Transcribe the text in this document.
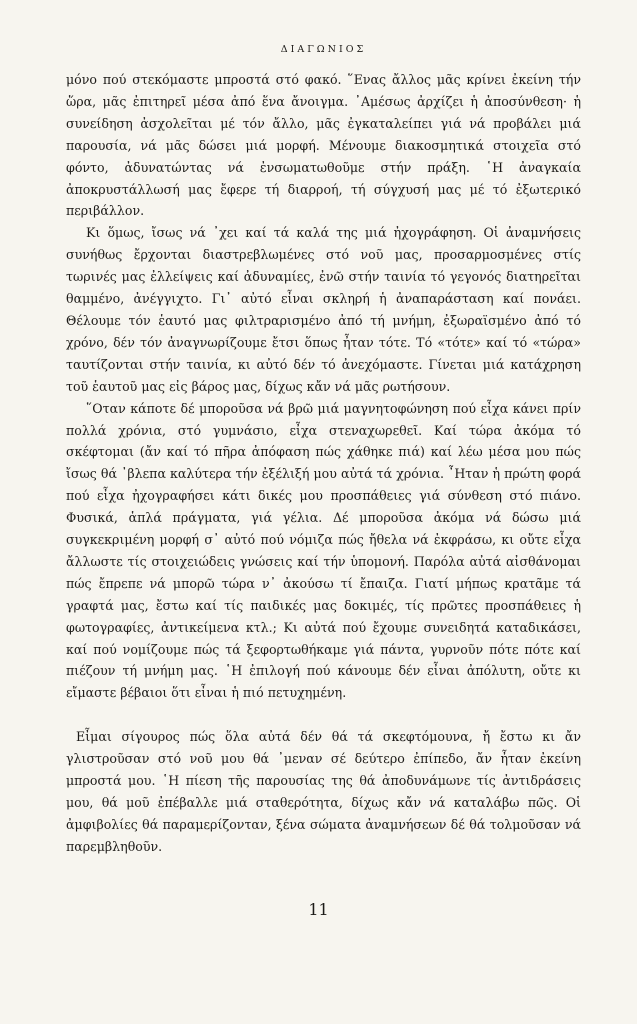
ΔΙΑΓΩΝΙΟΣ

μόνο πού στεκόμαστε μπροστά στό φακό. ῞Ενας ἄλλος μᾶς κρίνει ἐκείνη τήν ὥρα, μᾶς ἐπιτηρεῖ μέσα ἀπό ἕνα ἄνοιγμα. ᾿Αμέσως ἀρχίζει ἡ ἀποσύνθεση· ἡ συνείδηση ἀσχολεῖται μέ τόν ἄλλο, μᾶς ἐγκαταλείπει γιά νά προβάλει μιά παρουσία, νά μᾶς δώσει μιά μορφή. Μένουμε διακοσμητικά στοιχεῖα στό φόντο, ἀδυνατώντας νά ἐνσωματωθοῦμε στήν πράξη. ῾Η ἀναγκαία ἀποκρυστάλλωσή μας ἔφερε τή διαρροή, τή σύγχυσή μας μέ τό ἐξωτερικό περιβάλλον.

Κι ὅμως, ἴσως νά ᾿χει καί τά καλά της μιά ἠχογράφηση. Οἱ ἀναμνήσεις συνήθως ἔρχονται διαστρεβλωμένες στό νοῦ μας, προσαρμοσμένες στίς τωρινές μας ἐλλείψεις καί ἀδυναμίες, ἐνῶ στήν ταινία τό γεγονός διατηρεῖται θαμμένο, ἀνέγγιχτο. Γι᾿ αὐτό εἶναι σκληρή ἡ ἀναπαράσταση καί πονάει. Θέλουμε τόν ἑαυτό μας φιλτραρισμένο ἀπό τή μνήμη, ἐξωραϊσμένο ἀπό τό χρόνο, δέν τόν ἀναγνωρίζουμε ἔτσι ὅπως ἦταν τότε. Τό «τότε» καί τό «τώρα» ταυτίζονται στήν ταινία, κι αὐτό δέν τό ἀνεχόμαστε. Γίνεται μιά κατάχρηση τοῦ ἑαυτοῦ μας εἰς βάρος μας, δίχως κἄν νά μᾶς ρωτήσουν.

῞Οταν κάποτε δέ μποροῦσα νά βρῶ μιά μαγνητοφώνηση πού εἶχα κάνει πρίν πολλά χρόνια, στό γυμνάσιο, εἶχα στεναχωρεθεῖ. Καί τώρα ἀκόμα τό σκέφτομαι (ἄν καί τό πῆρα ἀπόφαση πώς χάθηκε πιά) καί λέω μέσα μου πώς ἴσως θά ᾿βλεπα καλύτερα τήν ἐξέλιξή μου αὐτά τά χρόνια. ῏Ηταν ἡ πρώτη φορά πού εἶχα ἠχογραφήσει κάτι δικές μου προσπάθειες γιά σύνθεση στό πιάνο. Φυσικά, ἁπλά πράγματα, γιά γέλια. Δέ μποροῦσα ἀκόμα νά δώσω μιά συγκεκριμένη μορφή σ᾿ αὐτό πού νόμιζα πώς ἤθελα νά ἐκφράσω, κι οὔτε εἶχα ἄλλωστε τίς στοιχειώδεις γνώσεις καί τήν ὑπομονή. Παρόλα αὐτά αἰσθάνομαι πώς ἔπρεπε νά μπορῶ τώρα ν᾿ ἀκούσω τί ἔπαιζα. Γιατί μήπως κρατᾶμε τά γραφτά μας, ἔστω καί τίς παιδικές μας δοκιμές, τίς πρῶτες προσπάθειες ἡ φωτογραφίες, ἀντικείμενα κτλ.; Κι αὐτά πού ἔχουμε συνειδητά καταδικάσει, καί πού νομίζουμε πώς τά ξεφορτωθήκαμε γιά πάντα, γυρνοῦν πότε πότε καί πιέζουν τή μνήμη μας. ῾Η ἐπιλογή πού κάνουμε δέν εἶναι ἀπόλυτη, οὔτε κι εἴμαστε βέβαιοι ὅτι εἶναι ἡ πιό πετυχημένη.

Εἶμαι σίγουρος πώς ὅλα αὐτά δέν θά τά σκεφτόμουνα, ἤ ἔστω κι ἄν γλιστροῦσαν στό νοῦ μου θά ᾿μεναν σέ δεύτερο ἐπίπεδο, ἄν ἦταν ἐκείνη μπροστά μου. ῾Η πίεση τῆς παρουσίας της θά ἀποδυνάμωνε τίς ἀντιδράσεις μου, θά μοῦ ἐπέβαλλε μιά σταθερότητα, δίχως κἄν νά καταλάβω πῶς. Οἱ ἀμφιβολίες θά παραμερίζονταν, ξένα σώματα ἀναμνήσεων δέ θά τολμοῦσαν νά παρεμβληθοῦν.

11
